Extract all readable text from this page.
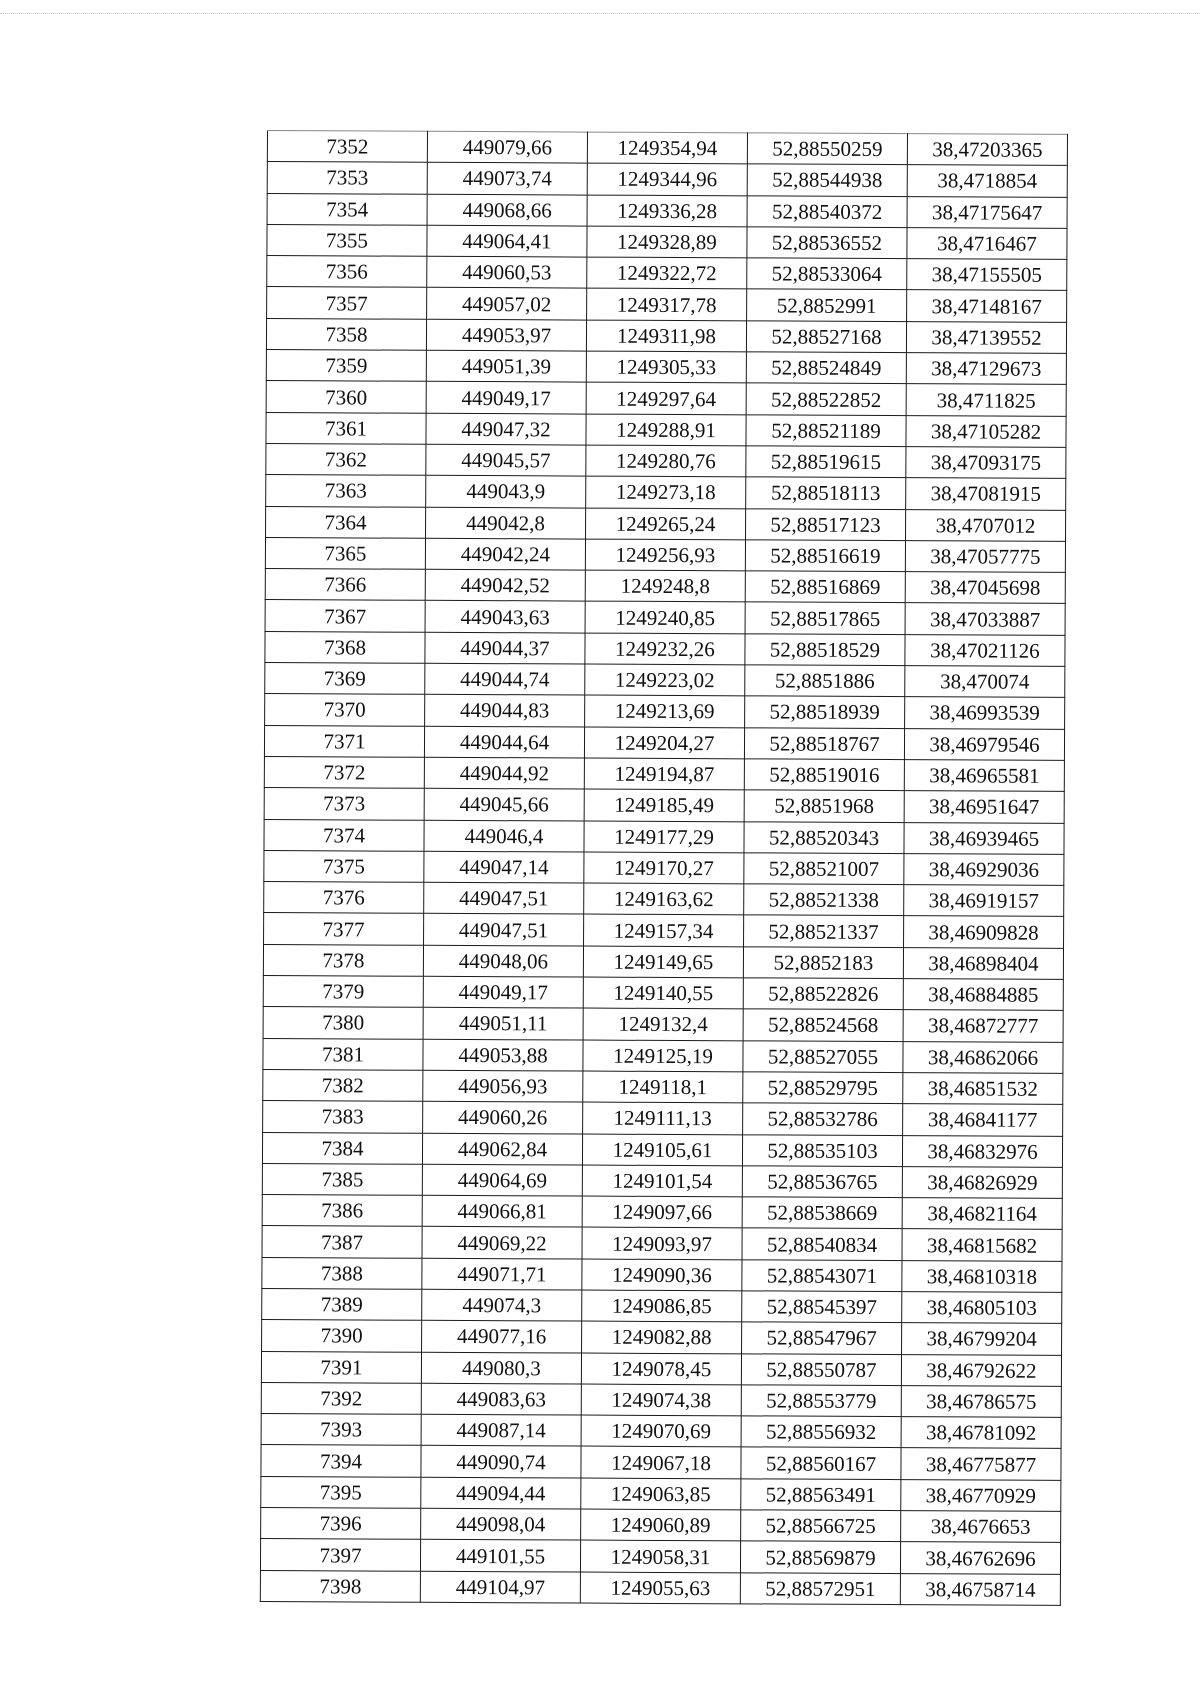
7352	449079,66	1249354,94	52,88550259	38,47203365
7353	449073,74	1249344,96	52,88544938	38,4718854
7354	449068,66	1249336,28	52,88540372	38,47175647
7355	449064,41	1249328,89	52,88536552	38,4716467
7356	449060,53	1249322,72	52,88533064	38,47155505
7357	449057,02	1249317,78	52,8852991	38,47148167
7358	449053,97	1249311,98	52,88527168	38,47139552
7359	449051,39	1249305,33	52,88524849	38,47129673
7360	449049,17	1249297,64	52,88522852	38,4711825
7361	449047,32	1249288,91	52,88521189	38,47105282
7362	449045,57	1249280,76	52,88519615	38,47093175
7363	449043,9	1249273,18	52,88518113	38,47081915
7364	449042,8	1249265,24	52,88517123	38,4707012
7365	449042,24	1249256,93	52,88516619	38,47057775
7366	449042,52	1249248,8	52,88516869	38,47045698
7367	449043,63	1249240,85	52,88517865	38,47033887
7368	449044,37	1249232,26	52,88518529	38,47021126
7369	449044,74	1249223,02	52,8851886	38,470074
7370	449044,83	1249213,69	52,88518939	38,46993539
7371	449044,64	1249204,27	52,88518767	38,46979546
7372	449044,92	1249194,87	52,88519016	38,46965581
7373	449045,66	1249185,49	52,8851968	38,46951647
7374	449046,4	1249177,29	52,88520343	38,46939465
7375	449047,14	1249170,27	52,88521007	38,46929036
7376	449047,51	1249163,62	52,88521338	38,46919157
7377	449047,51	1249157,34	52,88521337	38,46909828
7378	449048,06	1249149,65	52,8852183	38,46898404
7379	449049,17	1249140,55	52,88522826	38,46884885
7380	449051,11	1249132,4	52,88524568	38,46872777
7381	449053,88	1249125,19	52,88527055	38,46862066
7382	449056,93	1249118,1	52,88529795	38,46851532
7383	449060,26	1249111,13	52,88532786	38,46841177
7384	449062,84	1249105,61	52,88535103	38,46832976
7385	449064,69	1249101,54	52,88536765	38,46826929
7386	449066,81	1249097,66	52,88538669	38,46821164
7387	449069,22	1249093,97	52,88540834	38,46815682
7388	449071,71	1249090,36	52,88543071	38,46810318
7389	449074,3	1249086,85	52,88545397	38,46805103
7390	449077,16	1249082,88	52,88547967	38,46799204
7391	449080,3	1249078,45	52,88550787	38,46792622
7392	449083,63	1249074,38	52,88553779	38,46786575
7393	449087,14	1249070,69	52,88556932	38,46781092
7394	449090,74	1249067,18	52,88560167	38,46775877
7395	449094,44	1249063,85	52,88563491	38,46770929
7396	449098,04	1249060,89	52,88566725	38,4676653
7397	449101,55	1249058,31	52,88569879	38,46762696
7398	449104,97	1249055,63	52,88572951	38,46758714
